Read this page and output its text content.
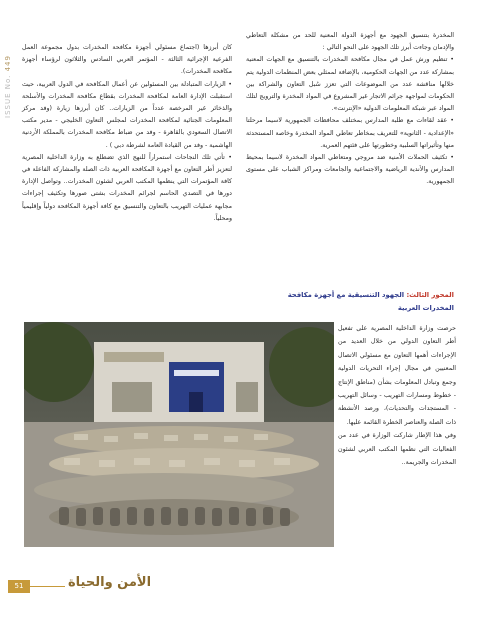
ISSUE No. 449

المخدرة بتنسيق الجهود مع أجهزة الدولة المعنية للحد من مشكلة التعاطي والإدمان وجاءت أبرز تلك الجهود على النحو التالي :

• تنظيم ورش عمل في مجال مكافحة المخدرات بالتنسيق مع الجهات المعنية بمشاركة عدد من الجهات الحكومية، بالإضافة لممثلي بعض المنظمات الدولية يتم خلالها مناقشة عدد من الموضوعات التي تعزز سُبل التعاون والشراكة بين الحكومات لمواجهة جرائم الاتجار غير المشروع في المواد المخدرة والترويج لتلك المواد عبر شبكة المعلومات الدولية «الإنترنت».

• عقد لقاءات مع طلبة المدارس بمختلف محافظات الجمهورية لاسيما مرحلتا «الإعدادية - الثانوية» للتعريف بمخاطر تعاطي المواد المخدرة وخاصة المستحدثة منها وتأثيراتها السلبية وخطورتها على فئتهم العمرية.

• تكثيف الحملات الأمنية ضد مروجي ومتعاطي المواد المخدرة لاسيما بمحيط المدارس والأندية الرياضية والاجتماعية والجامعات ومراكز الشباب على مستوى الجمهورية.

المحور الثالث: الجهود التنسيقية مع أجهزة مكافحة
المخدرات العربية

حرصت وزارة الداخلية المصرية على تفعيل أطر التعاون الدولي من خلال العديد من الإجراءات أهمها التعاون مع مسئولي الاتصال المعنيين في مجال إجراء التحريات الدولية وجمع وتبادل المعلومات بشأن (مناطق الإنتاج - خطوط ومسارات التهريب - وسائل التهريب - المستجدات والتحديات)، ورصد الأنشطة ذات الصلة والعناصر الخطرة القائمة عليها.

وفي هذا الإطار شاركت الوزارة في عدد من الفعاليات التي نظمها المكتب العربي لشئون المخدرات والجريمة..

كان أبرزها (اجتماع مسئولي أجهزة مكافحة المخدرات بدول مجموعة العمل الفرعية الإجرائية الثالثة - المؤتمر العربي السادس والثلاثون لرؤساء أجهزة مكافحة المخدرات).

• الزيارات المتبادلة بين المسئولين عن أعمال المكافحة في الدول العربية، حيث استقبلت الإدارة العامة لمكافحة المخدرات بقطاع مكافحة المخدرات والأسلحة والذخائر غير المرخصة عدداً من الزيارات.. كان أبرزها زيارة (وفد مركز المعلومات الجنائية لمكافحة المخدرات لمجلس التعاون الخليجي - مدير مكتب الاتصال السعودي بالقاهرة - وفد من ضباط مكافحة المخدرات بالمملكة الأردنية الهاشمية - وفد من القيادة العامة لشرطة دبي ) .

• تأتي تلك النجاحات استمراراً للنهج الذي تضطلع به وزارة الداخلية المصرية لتعزيز أطر التعاون مع أجهزة المكافحة العربية ذات الصلة والمشاركة الفاعلة في كافة المؤتمرات التي ينظمها المكتب العربي لشئون المخدرات.. وتواصل الإدارة دورها في التصدي الحاسم لجرائم المخدرات بشتى صورها وتكثيف إجراءات مجابهة عمليات التهريب بالتعاون والتنسيق مع كافة أجهزة المكافحة دولياً وإقليمياً ومحلياً.

51	الأمن والحياة
